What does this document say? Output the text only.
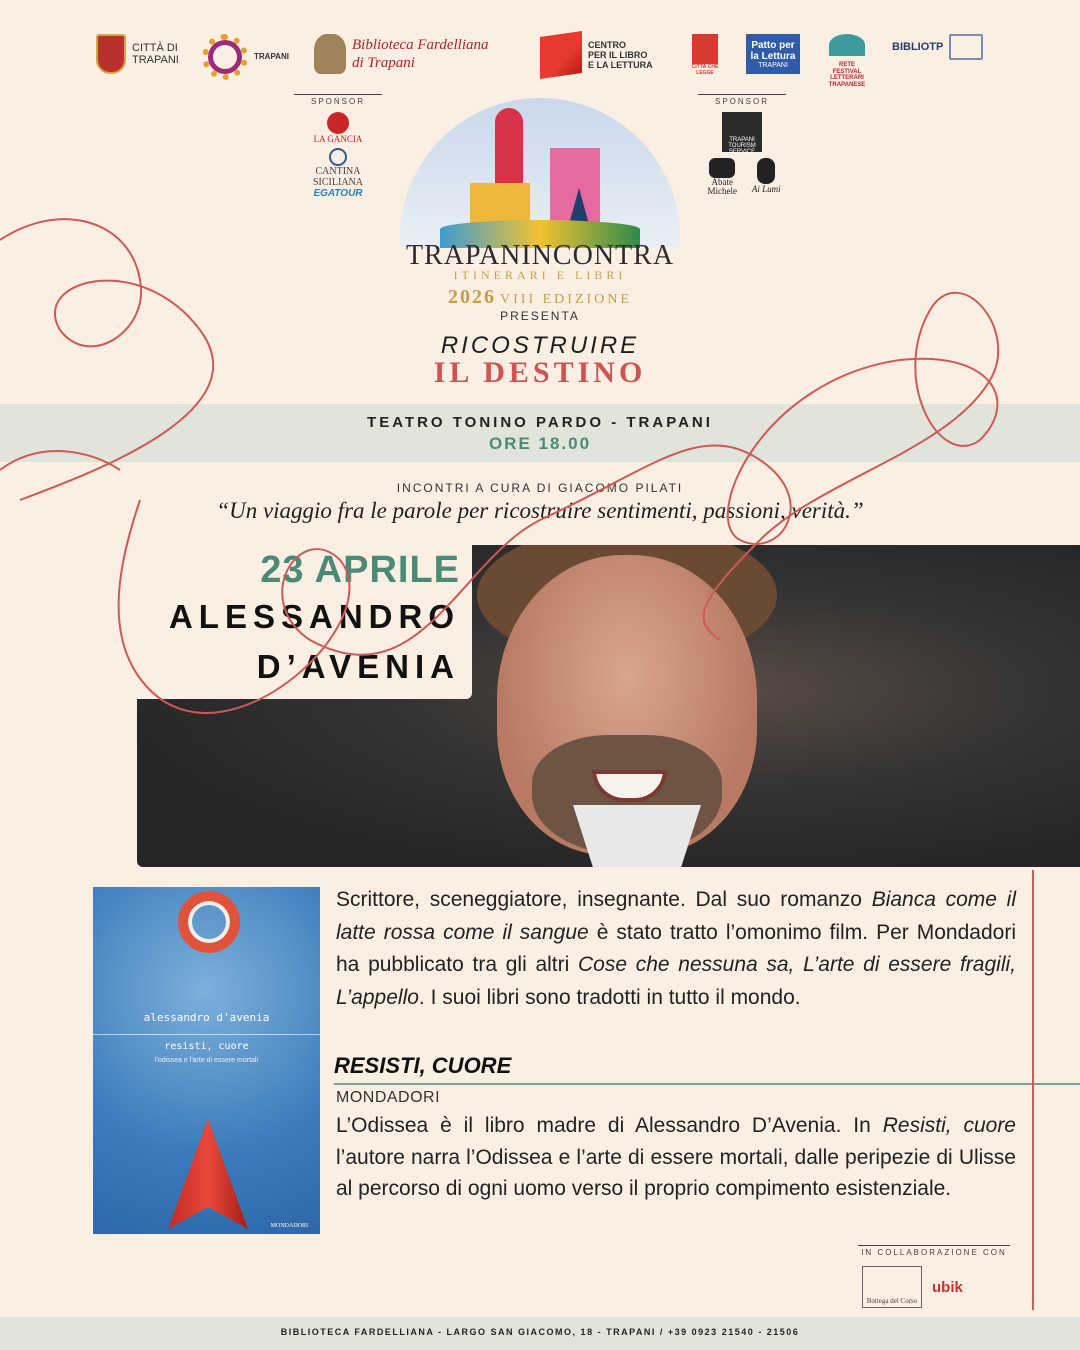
CITTÀ DI TRAPANI	TRAPANI
Biblioteca Fardelliana
di Trapani
CENTRO
PER IL LIBRO
E LA LETTURA	CITTÀ CHE LEGGE
Patto per
la Lettura
TRAPANI	RETE FESTIVAL LETTERARI TRAPANESE
BIBLIOTP
SPONSOR
LA GANCIA
CANTINA SICILIANA
EGATOUR
SPONSOR
TRAPANI TOURISM SERVICE
Abate Michele	Ai Lumi
TRAPANINCONTRA
ITINERARI E LIBRI
2026 VIII EDIZIONE
PRESENTA
RICOSTRUIRE
IL DESTINO
TEATRO TONINO PARDO - TRAPANI
ORE 18.00
INCONTRI A CURA DI GIACOMO PILATI
“Un viaggio fra le parole per ricostruire sentimenti, passioni, verità.”
23 APRILE
ALESSANDRO
D’AVENIA
alessandro d'avenia
resisti, cuore
l'odissea e l'arte di essere mortali
MONDADORI
Scrittore, sceneggiatore, insegnante. Dal suo romanzo Bianca come il latte rossa come il sangue è stato tratto l’omonimo film. Per Mondadori ha pubblicato tra gli altri Cose che nessuna sa, L’arte di essere fragili, L’appello. I suoi libri sono tradotti in tutto il mondo.
RESISTI, CUORE
MONDADORI
L’Odissea è il libro madre di Alessandro D’Avenia. In Resisti, cuore l’autore narra l’Odissea e l’arte di essere mortali, dalle peripezie di Ulisse al percorso di ogni uomo verso il proprio compimento esistenziale.
IN COLLABORAZIONE CON
Bottega del Corso
ubik
BIBLIOTECA FARDELLIANA - LARGO SAN GIACOMO, 18 - TRAPANI / +39 0923 21540 - 21506
